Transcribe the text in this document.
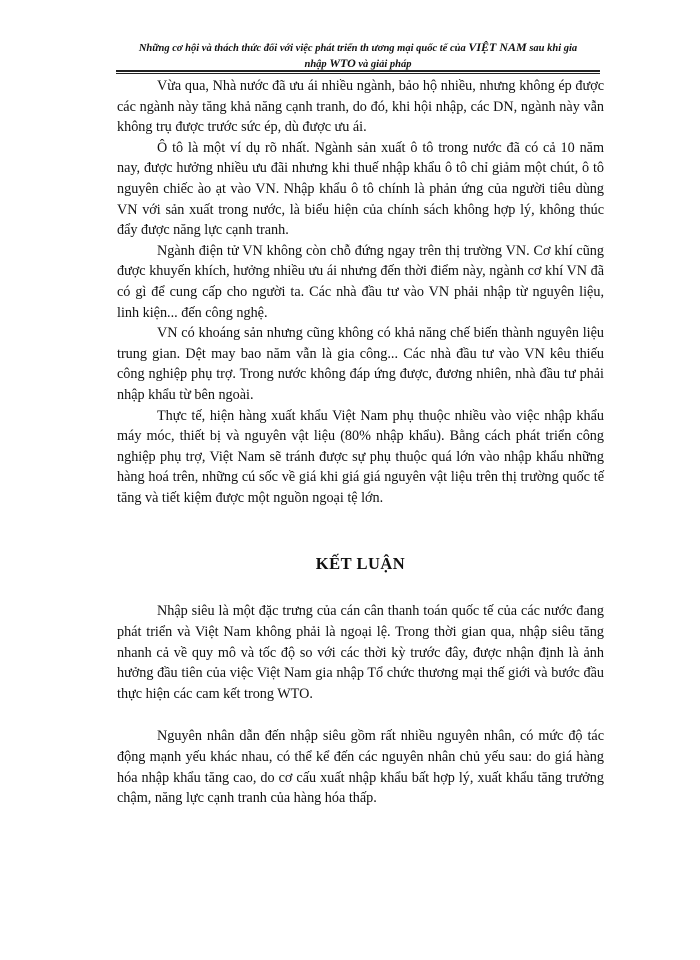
Những cơ hội và thách thức đối với việc phát triển th ương mại quốc tế của VIỆT NAM sau khi gia
nhập WTO và giải pháp

Vừa qua, Nhà nước đã ưu ái nhiều ngành, bảo hộ nhiều, nhưng không ép được các ngành này tăng khả năng cạnh tranh, do đó, khi hội nhập, các DN, ngành này vẫn không trụ được trước sức ép, dù được ưu ái.

Ô tô là một ví dụ rõ nhất. Ngành sản xuất ô tô trong nước đã có cả 10 năm nay, được hưởng nhiều ưu đãi nhưng khi thuế nhập khẩu ô tô chỉ giảm một chút, ô tô nguyên chiếc ào ạt vào VN. Nhập khẩu ô tô chính là phản ứng của người tiêu dùng VN với sản xuất trong nước, là biểu hiện của chính sách không hợp lý, không thúc đẩy được năng lực cạnh tranh.

Ngành điện tử VN không còn chỗ đứng ngay trên thị trường VN. Cơ khí cũng được khuyến khích, hưởng nhiều ưu ái nhưng đến thời điểm này, ngành cơ khí VN đã có gì để cung cấp cho người ta. Các nhà đầu tư vào VN phải nhập từ nguyên liệu, linh kiện... đến công nghệ.

VN có khoáng sản nhưng cũng không có khả năng chế biến thành nguyên liệu trung gian. Dệt may bao năm vẫn là gia công... Các nhà đầu tư vào VN kêu thiếu công nghiệp phụ trợ. Trong nước không đáp ứng được, đương nhiên, nhà đầu tư phải nhập khẩu từ bên ngoài.

Thực tế, hiện hàng xuất khẩu Việt Nam phụ thuộc nhiều vào việc nhập khẩu máy móc, thiết bị và nguyên vật liệu (80% nhập khẩu). Bằng cách phát triển công nghiệp phụ trợ, Việt Nam sẽ tránh được sự phụ thuộc quá lớn vào nhập khẩu những hàng hoá trên, những cú sốc về giá khi giá giá nguyên vật liệu trên thị trường quốc tế tăng và tiết kiệm được một nguồn ngoại tệ lớn.

KẾT LUẬN

Nhập siêu là một đặc trưng của cán cân thanh toán quốc tế của các nước đang phát triển và Việt Nam không phải là ngoại lệ. Trong thời gian qua, nhập siêu tăng nhanh cả về quy mô và tốc độ so với các thời kỳ trước đây, được nhận định là ảnh hưởng đầu tiên của việc Việt Nam gia nhập Tổ chức thương mại thế giới và bước đầu thực hiện các cam kết trong WTO.

Nguyên nhân dẫn đến nhập siêu gồm rất nhiều nguyên nhân, có mức độ tác động mạnh yếu khác nhau, có thể kể đến các nguyên nhân chủ yếu sau: do giá hàng hóa nhập khẩu tăng cao, do cơ cấu xuất nhập khẩu bất hợp lý, xuất khẩu tăng trưởng chậm, năng lực cạnh tranh của hàng hóa thấp.
